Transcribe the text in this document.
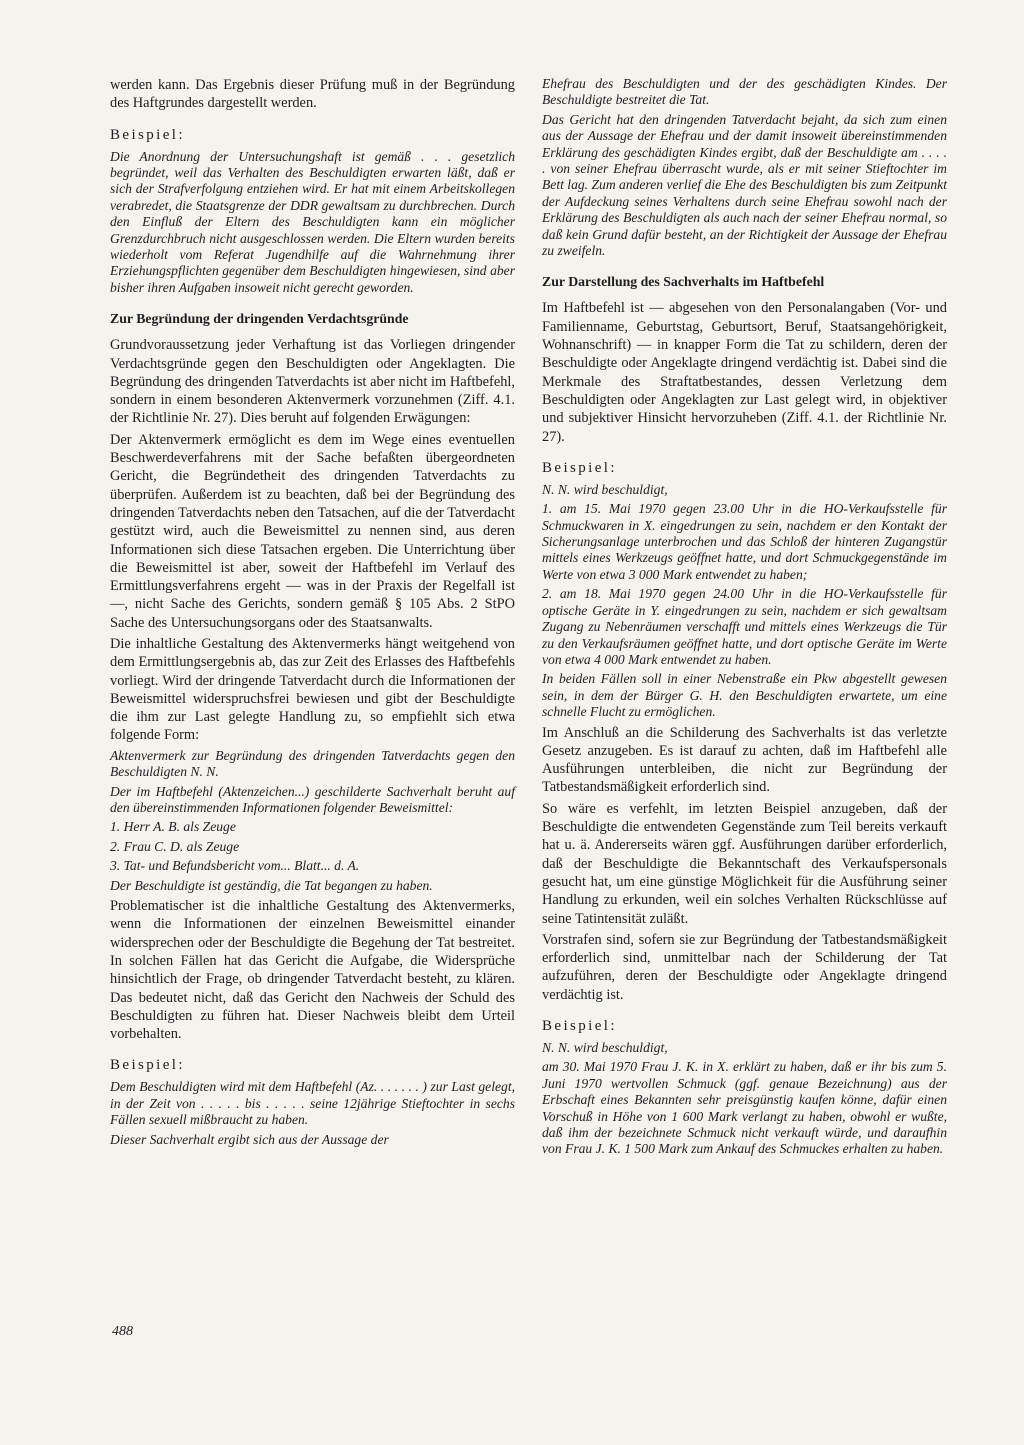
werden kann. Das Ergebnis dieser Prüfung muß in der Begründung des Haftgrundes dargestellt werden.

Beispiel:

Die Anordnung der Untersuchungshaft ist gemäß . . . gesetzlich begründet, weil das Verhalten des Beschuldigten erwarten läßt, daß er sich der Strafverfolgung entziehen wird. Er hat mit einem Arbeitskollegen verabredet, die Staatsgrenze der DDR gewaltsam zu durchbrechen. Durch den Einfluß der Eltern des Beschuldigten kann ein möglicher Grenzdurchbruch nicht ausgeschlossen werden. Die Eltern wurden bereits wiederholt vom Referat Jugendhilfe auf die Wahrnehmung ihrer Erziehungspflichten gegenüber dem Beschuldigten hingewiesen, sind aber bisher ihren Aufgaben insoweit nicht gerecht geworden.

Zur Begründung der dringenden Verdachtsgründe

Grundvoraussetzung jeder Verhaftung ist das Vorliegen dringender Verdachtsgründe gegen den Beschuldigten oder Angeklagten. Die Begründung des dringenden Tatverdachts ist aber nicht im Haftbefehl, sondern in einem besonderen Aktenvermerk vorzunehmen (Ziff. 4.1. der Richtlinie Nr. 27). Dies beruht auf folgenden Erwägungen:

Der Aktenvermerk ermöglicht es dem im Wege eines eventuellen Beschwerdeverfahrens mit der Sache befaßten übergeordneten Gericht, die Begründetheit des dringenden Tatverdachts zu überprüfen. Außerdem ist zu beachten, daß bei der Begründung des dringenden Tatverdachts neben den Tatsachen, auf die der Tatverdacht gestützt wird, auch die Beweismittel zu nennen sind, aus deren Informationen sich diese Tatsachen ergeben. Die Unterrichtung über die Beweismittel ist aber, soweit der Haftbefehl im Verlauf des Ermittlungsverfahrens ergeht — was in der Praxis der Regelfall ist —, nicht Sache des Gerichts, sondern gemäß § 105 Abs. 2 StPO Sache des Untersuchungsorgans oder des Staatsanwalts.

Die inhaltliche Gestaltung des Aktenvermerks hängt weitgehend von dem Ermittlungsergebnis ab, das zur Zeit des Erlasses des Haftbefehls vorliegt. Wird der dringende Tatverdacht durch die Informationen der Beweismittel widerspruchsfrei bewiesen und gibt der Beschuldigte die ihm zur Last gelegte Handlung zu, so empfiehlt sich etwa folgende Form:

Aktenvermerk zur Begründung des dringenden Tatverdachts gegen den Beschuldigten N. N.

Der im Haftbefehl (Aktenzeichen...) geschilderte Sachverhalt beruht auf den übereinstimmenden Informationen folgender Beweismittel:

1. Herr A. B. als Zeuge

2. Frau C. D. als Zeuge

3. Tat- und Befundsbericht vom... Blatt... d. A.

Der Beschuldigte ist geständig, die Tat begangen zu haben.

Problematischer ist die inhaltliche Gestaltung des Aktenvermerks, wenn die Informationen der einzelnen Beweismittel einander widersprechen oder der Beschuldigte die Begehung der Tat bestreitet. In solchen Fällen hat das Gericht die Aufgabe, die Widersprüche hinsichtlich der Frage, ob dringender Tatverdacht besteht, zu klären. Das bedeutet nicht, daß das Gericht den Nachweis der Schuld des Beschuldigten zu führen hat. Dieser Nachweis bleibt dem Urteil vorbehalten.

Beispiel:

Dem Beschuldigten wird mit dem Haftbefehl (Az. . . . . . . ) zur Last gelegt, in der Zeit von . . . . . bis . . . . . seine 12jährige Stieftochter in sechs Fällen sexuell mißbraucht zu haben.

Dieser Sachverhalt ergibt sich aus der Aussage der

Ehefrau des Beschuldigten und der des geschädigten Kindes. Der Beschuldigte bestreitet die Tat.

Das Gericht hat den dringenden Tatverdacht bejaht, da sich zum einen aus der Aussage der Ehefrau und der damit insoweit übereinstimmenden Erklärung des geschädigten Kindes ergibt, daß der Beschuldigte am . . . . . von seiner Ehefrau überrascht wurde, als er mit seiner Stieftochter im Bett lag. Zum anderen verlief die Ehe des Beschuldigten bis zum Zeitpunkt der Aufdeckung seines Verhaltens durch seine Ehefrau sowohl nach der Erklärung des Beschuldigten als auch nach der seiner Ehefrau normal, so daß kein Grund dafür besteht, an der Richtigkeit der Aussage der Ehefrau zu zweifeln.

Zur Darstellung des Sachverhalts im Haftbefehl

Im Haftbefehl ist — abgesehen von den Personalangaben (Vor- und Familienname, Geburtstag, Geburtsort, Beruf, Staatsangehörigkeit, Wohnanschrift) — in knapper Form die Tat zu schildern, deren der Beschuldigte oder Angeklagte dringend verdächtig ist. Dabei sind die Merkmale des Straftatbestandes, dessen Verletzung dem Beschuldigten oder Angeklagten zur Last gelegt wird, in objektiver und subjektiver Hinsicht hervorzuheben (Ziff. 4.1. der Richtlinie Nr. 27).

Beispiel:

N. N. wird beschuldigt,

1. am 15. Mai 1970 gegen 23.00 Uhr in die HO-Verkaufsstelle für Schmuckwaren in X. eingedrungen zu sein, nachdem er den Kontakt der Sicherungsanlage unterbrochen und das Schloß der hinteren Zugangstür mittels eines Werkzeugs geöffnet hatte, und dort Schmuckgegenstände im Werte von etwa 3 000 Mark entwendet zu haben;

2. am 18. Mai 1970 gegen 24.00 Uhr in die HO-Verkaufsstelle für optische Geräte in Y. eingedrungen zu sein, nachdem er sich gewaltsam Zugang zu Nebenräumen verschafft und mittels eines Werkzeugs die Tür zu den Verkaufsräumen geöffnet hatte, und dort optische Geräte im Werte von etwa 4 000 Mark entwendet zu haben.

In beiden Fällen soll in einer Nebenstraße ein Pkw abgestellt gewesen sein, in dem der Bürger G. H. den Beschuldigten erwartete, um eine schnelle Flucht zu ermöglichen.

Im Anschluß an die Schilderung des Sachverhalts ist das verletzte Gesetz anzugeben. Es ist darauf zu achten, daß im Haftbefehl alle Ausführungen unterbleiben, die nicht zur Begründung der Tatbestandsmäßigkeit erforderlich sind.

So wäre es verfehlt, im letzten Beispiel anzugeben, daß der Beschuldigte die entwendeten Gegenstände zum Teil bereits verkauft hat u. ä. Andererseits wären ggf. Ausführungen darüber erforderlich, daß der Beschuldigte die Bekanntschaft des Verkaufspersonals gesucht hat, um eine günstige Möglichkeit für die Ausführung seiner Handlung zu erkunden, weil ein solches Verhalten Rückschlüsse auf seine Tatintensität zuläßt.

Vorstrafen sind, sofern sie zur Begründung der Tatbestandsmäßigkeit erforderlich sind, unmittelbar nach der Schilderung der Tat aufzuführen, deren der Beschuldigte oder Angeklagte dringend verdächtig ist.

Beispiel:

N. N. wird beschuldigt,

am 30. Mai 1970 Frau J. K. in X. erklärt zu haben, daß er ihr bis zum 5. Juni 1970 wertvollen Schmuck (ggf. genaue Bezeichnung) aus der Erbschaft eines Bekannten sehr preisgünstig kaufen könne, dafür einen Vorschuß in Höhe von 1 600 Mark verlangt zu haben, obwohl er wußte, daß ihm der bezeichnete Schmuck nicht verkauft würde, und daraufhin von Frau J. K. 1 500 Mark zum Ankauf des Schmuckes erhalten zu haben.

488
